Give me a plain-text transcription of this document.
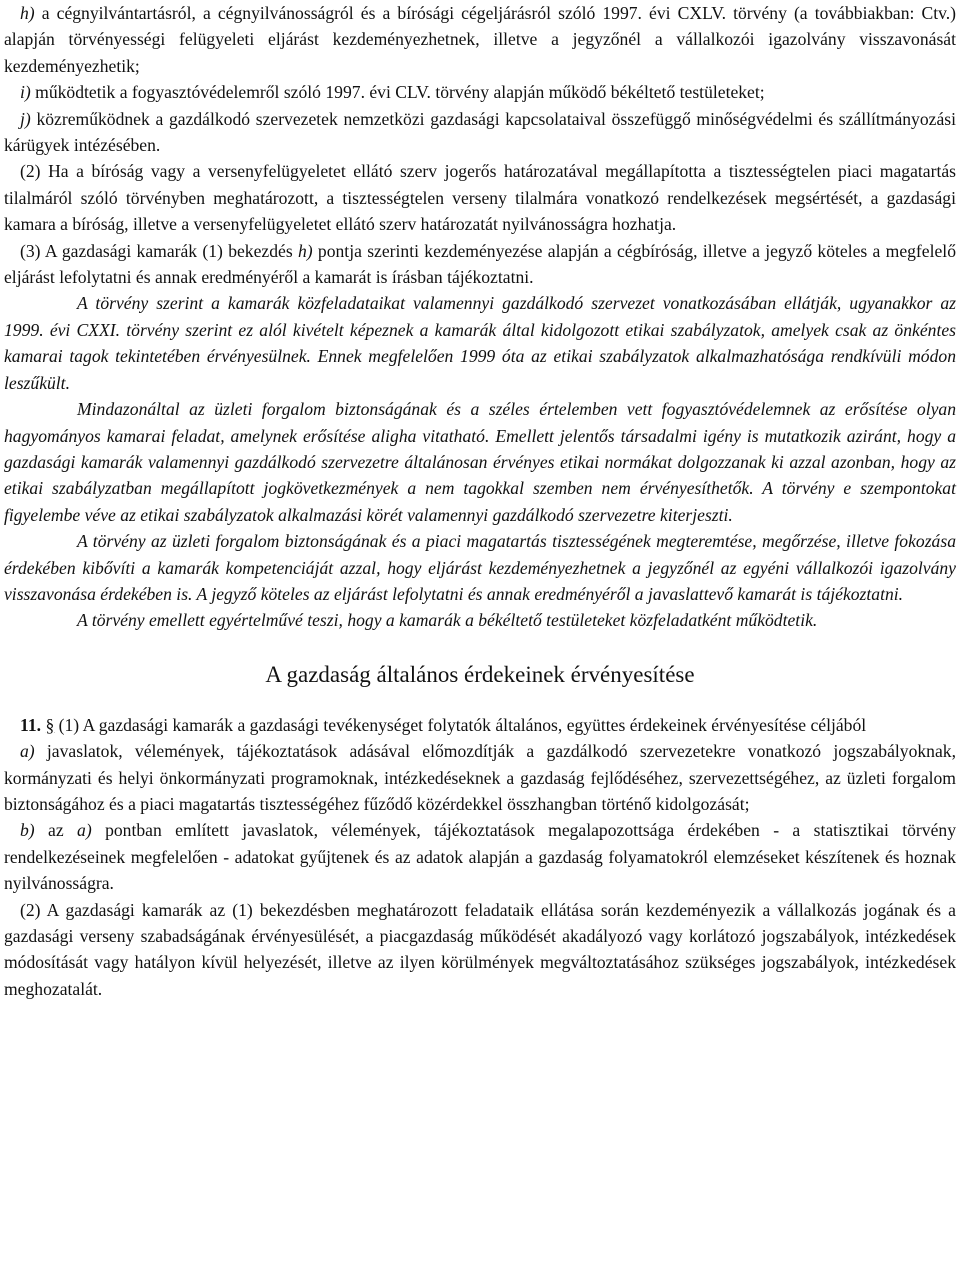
h) a cégnyilvántartásról, a cégnyilvánosságról és a bírósági cégeljárásról szóló 1997. évi CXLV. törvény (a továbbiakban: Ctv.) alapján törvényességi felügyeleti eljárást kezdeményezhetnek, illetve a jegyzőnél a vállalkozói igazolvány visszavonását kezdeményezhetik;

i) működtetik a fogyasztóvédelemről szóló 1997. évi CLV. törvény alapján működő békéltető testületeket;

j) közreműködnek a gazdálkodó szervezetek nemzetközi gazdasági kapcsolataival összefüggő minőségvédelmi és szállítmányozási kárügyek intézésében.

(2) Ha a bíróság vagy a versenyfelügyeletet ellátó szerv jogerős határozatával megállapította a tisztességtelen piaci magatartás tilalmáról szóló törvényben meghatározott, a tisztességtelen verseny tilalmára vonatkozó rendelkezések megsértését, a gazdasági kamara a bíróság, illetve a versenyfelügyeletet ellátó szerv határozatát nyilvánosságra hozhatja.

(3) A gazdasági kamarák (1) bekezdés h) pontja szerinti kezdeményezése alapján a cégbíróság, illetve a jegyző köteles a megfelelő eljárást lefolytatni és annak eredményéről a kamarát is írásban tájékoztatni.

A törvény szerint a kamarák közfeladataikat valamennyi gazdálkodó szervezet vonatkozásában ellátják, ugyanakkor az 1999. évi CXXI. törvény szerint ez alól kivételt képeznek a kamarák által kidolgozott etikai szabályzatok, amelyek csak az önkéntes kamarai tagok tekintetében érvényesülnek. Ennek megfelelően 1999 óta az etikai szabályzatok alkalmazhatósága rendkívüli módon leszűkült.

Mindazonáltal az üzleti forgalom biztonságának és a széles értelemben vett fogyasztóvédelemnek az erősítése olyan hagyományos kamarai feladat, amelynek erősítése aligha vitatható. Emellett jelentős társadalmi igény is mutatkozik aziránt, hogy a gazdasági kamarák valamennyi gazdálkodó szervezetre általánosan érvényes etikai normákat dolgozzanak ki azzal azonban, hogy az etikai szabályzatban megállapított jogkövetkezmények a nem tagokkal szemben nem érvényesíthetők. A törvény e szempontokat figyelembe véve az etikai szabályzatok alkalmazási körét valamennyi gazdálkodó szervezetre kiterjeszti.

A törvény az üzleti forgalom biztonságának és a piaci magatartás tisztességének megteremtése, megőrzése, illetve fokozása érdekében kibővíti a kamarák kompetenciáját azzal, hogy eljárást kezdeményezhetnek a jegyzőnél az egyéni vállalkozói igazolvány visszavonása érdekében is. A jegyző köteles az eljárást lefolytatni és annak eredményéről a javaslattevő kamarát is tájékoztatni.

A törvény emellett egyértelművé teszi, hogy a kamarák a békéltető testületeket közfeladatként működtetik.

A gazdaság általános érdekeinek érvényesítése

11. § (1) A gazdasági kamarák a gazdasági tevékenységet folytatók általános, együttes érdekeinek érvényesítése céljából

a) javaslatok, vélemények, tájékoztatások adásával előmozdítják a gazdálkodó szervezetekre vonatkozó jogszabályoknak, kormányzati és helyi önkormányzati programoknak, intézkedéseknek a gazdaság fejlődéséhez, szervezettségéhez, az üzleti forgalom biztonságához és a piaci magatartás tisztességéhez fűződő közérdekkel összhangban történő kidolgozását;

b) az a) pontban említett javaslatok, vélemények, tájékoztatások megalapozottsága érdekében - a statisztikai törvény rendelkezéseinek megfelelően - adatokat gyűjtenek és az adatok alapján a gazdaság folyamatokról elemzéseket készítenek és hoznak nyilvánosságra.

(2) A gazdasági kamarák az (1) bekezdésben meghatározott feladataik ellátása során kezdeményezik a vállalkozás jogának és a gazdasági verseny szabadságának érvényesülését, a piacgazdaság működését akadályozó vagy korlátozó jogszabályok, intézkedések módosítását vagy hatályon kívül helyezését, illetve az ilyen körülmények megváltoztatásához szükséges jogszabályok, intézkedések meghozatalát.
